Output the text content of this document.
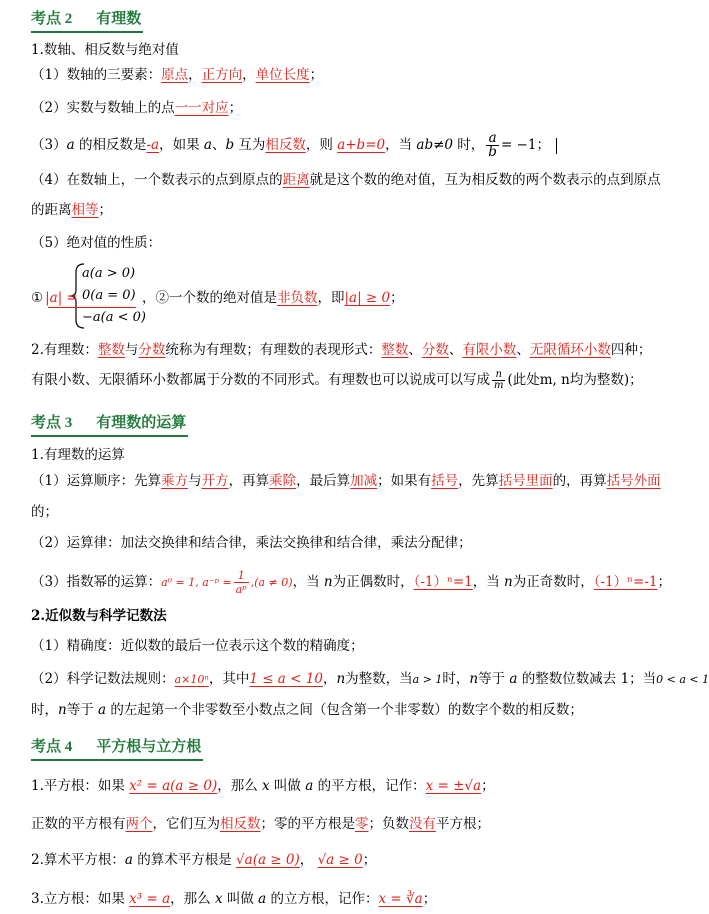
考点 2 有理数
1.数轴、相反数与绝对值
（1）数轴的三要素：原点，正方向，单位长度；
（2）实数与数轴上的点一一对应；
（3）a 的相反数是-a，如果 a、b 互为相反数，则 a+b=0，当 ab≠0 时， $\frac{a}{b} = -1$；
（4）在数轴上，一个数表示的点到原点的距离就是这个数的绝对值，互为相反数的两个数表示的点到原点
的距离相等；
（5）绝对值的性质：
a(a > 0)
0(a = 0)
−a(a < 0)
① |a| =	，②一个数的绝对值是非负数，即|a| ≥ 0；
2.有理数：整数与分数统称为有理数；有理数的表现形式：整数、分数、有限小数、无限循环小数四种；
有限小数、无限循环小数都属于分数的不同形式。有理数也可以说成可以写成 $\frac{n}{m}$ (此处m, n均为整数)；
考点 3 有理数的运算
1.有理数的运算
（1）运算顺序：先算乘方与开方，再算乘除，最后算加减；如果有括号，先算括号里面的，再算括号外面
的；
（2）运算律：加法交换律和结合律，乘法交换律和结合律，乘法分配律；
（3）指数幂的运算：a⁰ = 1, a⁻ᵖ = $\frac{1}{\text{aᵖ}} ,(a \ne 0)$，当 n为正偶数时，（-1）ⁿ=1，当 n为正奇数时，（-1）ⁿ=-1；
2.近似数与科学记数法
（1）精确度：近似数的最后一位表示这个数的精确度；
（2）科学记数法规则：a×10ⁿ，其中1 ≤ a < 10，n为整数，当a > 1时，n等于 a 的整数位数减去 1；当0 < a < 1
时，n等于 a 的左起第一个非零数至小数点之间（包含第一个非零数）的数字个数的相反数；
考点 4 平方根与立方根
1.平方根：如果 x² = a(a ≥ 0)，那么 x 叫做 a 的平方根，记作：x = ±√a；
正数的平方根有两个，它们互为相反数；零的平方根是零；负数没有平方根；
2.算术平方根：a 的算术平方根是 √a(a ≥ 0)， √a ≥ 0；
3.立方根：如果 x³ = a，那么 x 叫做 a 的立方根，记作：x = ∛a；
